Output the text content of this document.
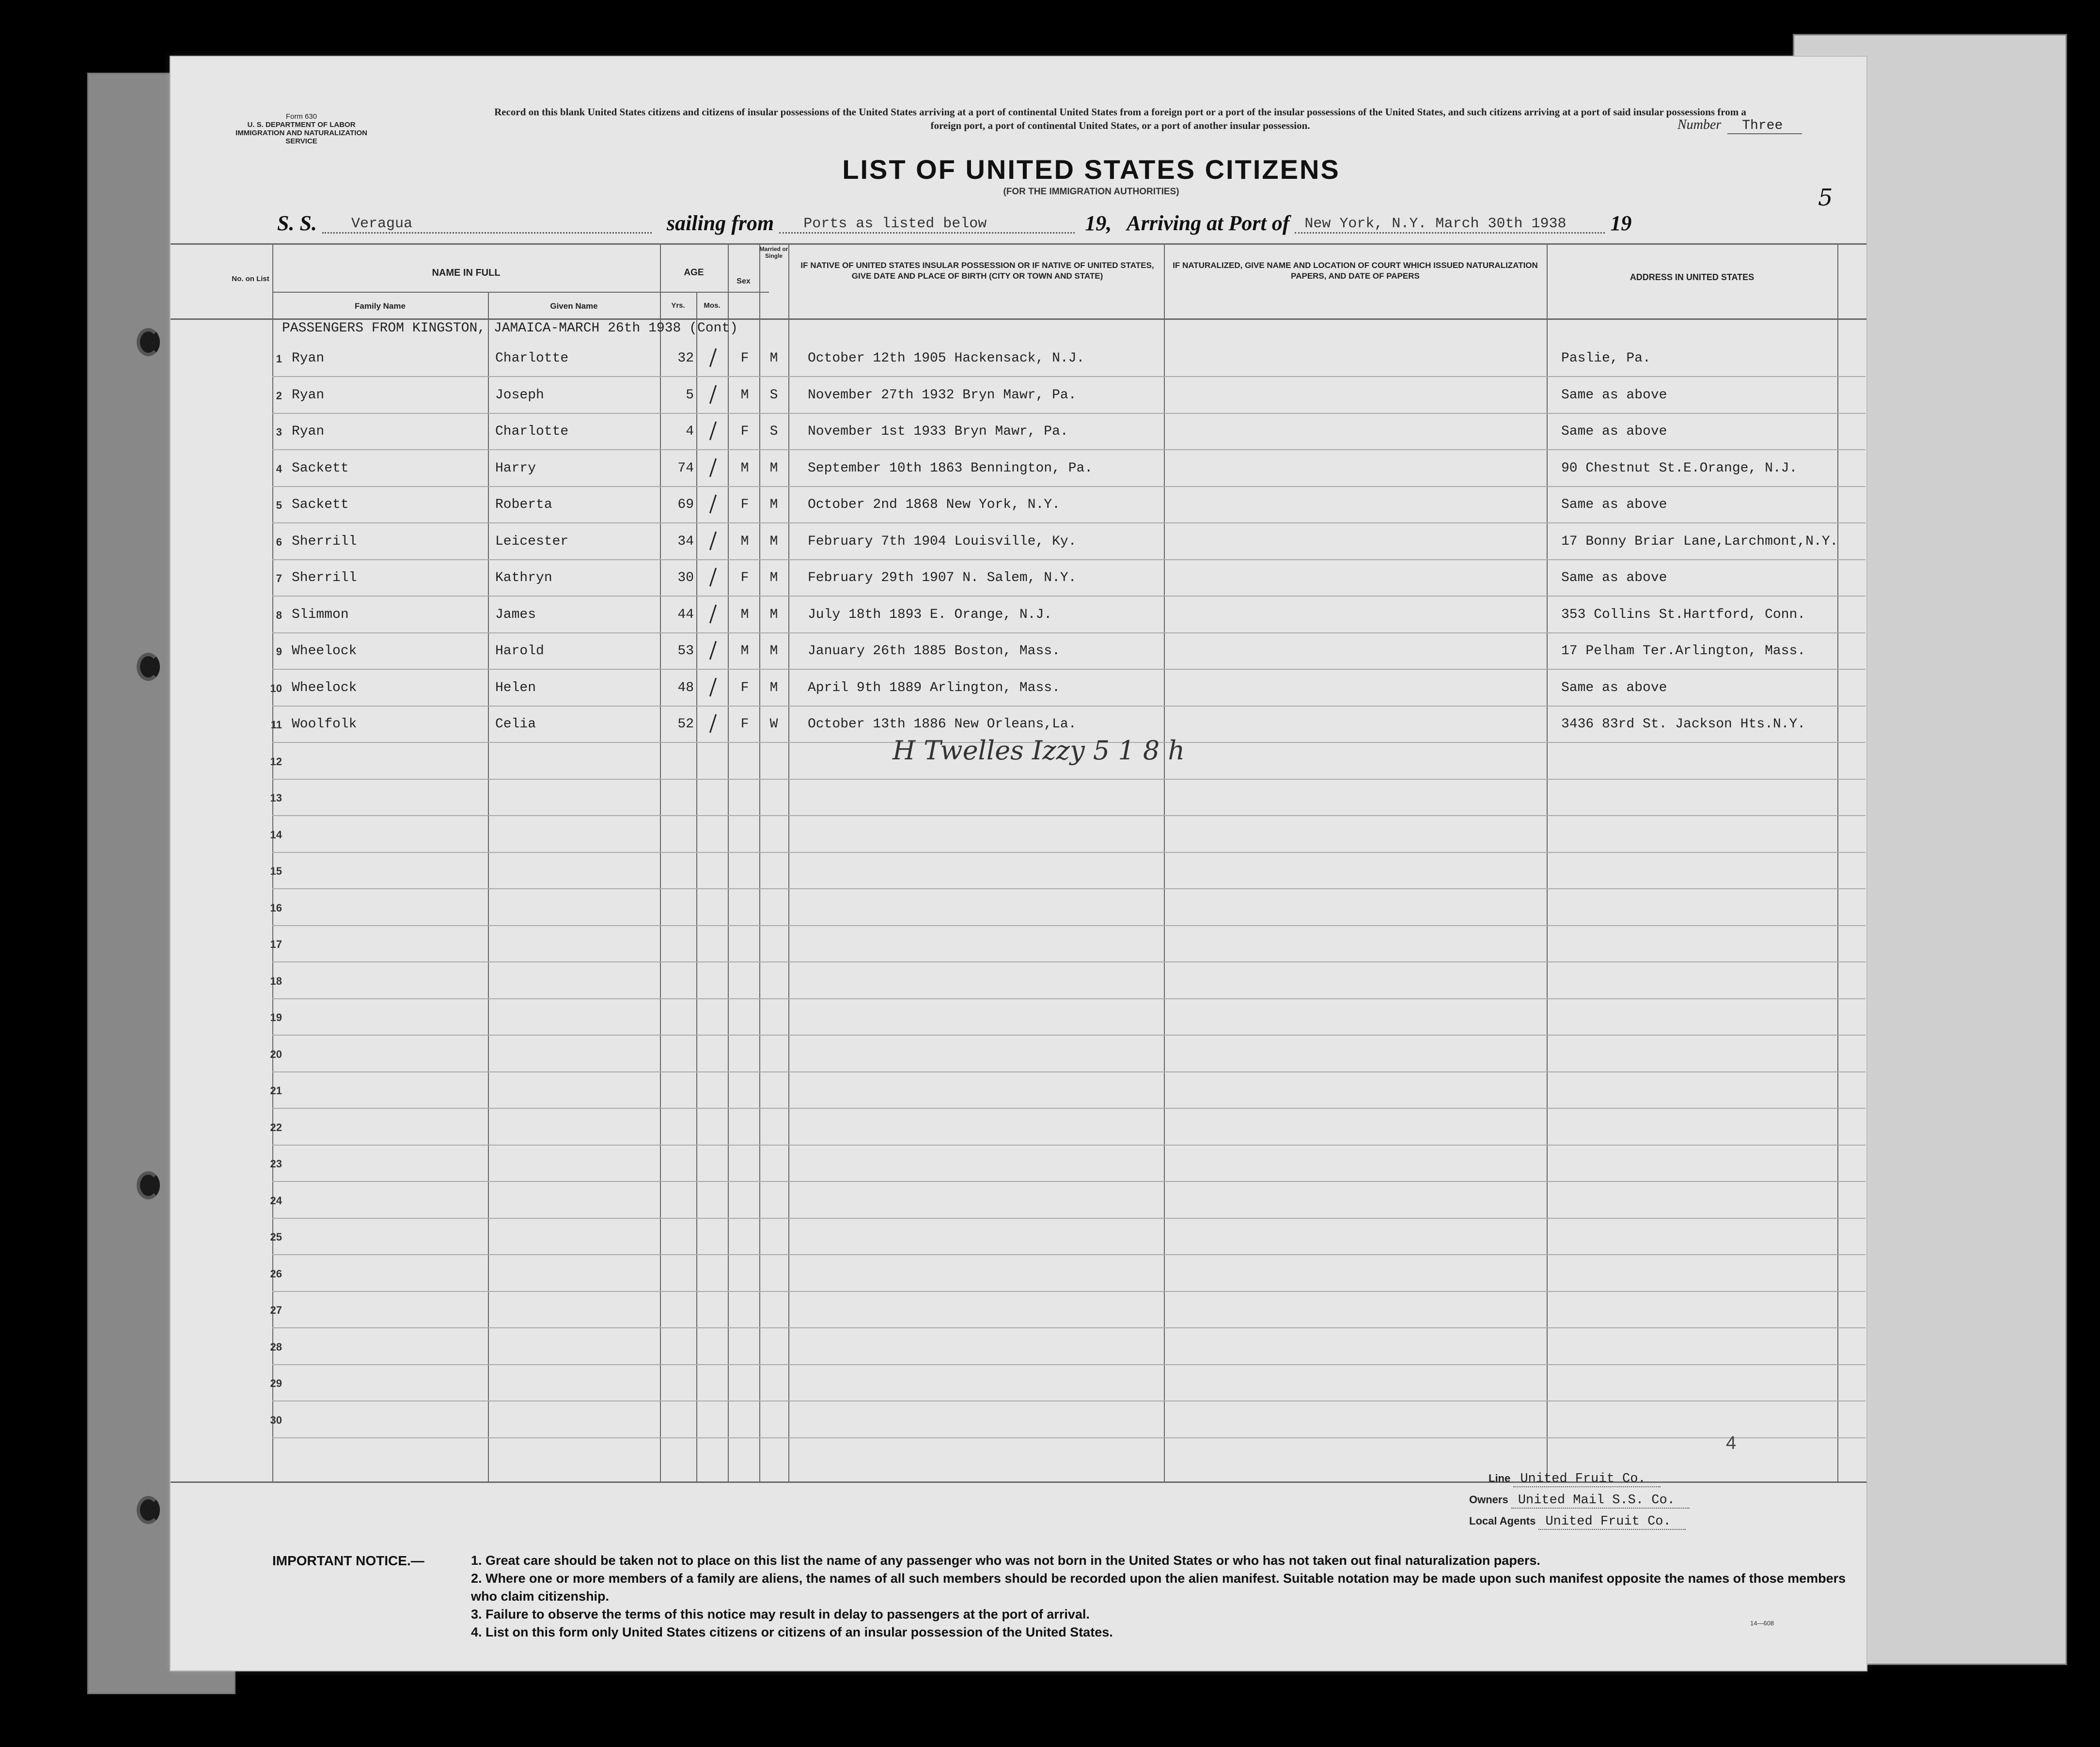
Form 630
U. S. DEPARTMENT OF LABOR
IMMIGRATION AND NATURALIZATION SERVICE
Record on this blank United States citizens and citizens of insular possessions of the United States arriving at a port of continental United States from a foreign port or a port of the insular possessions of the United States, and such citizens arriving at a port of said insular possessions from a foreign port, a port of continental United States, or a port of another insular possession.	Number Three
LIST OF UNITED STATES CITIZENS
(FOR THE IMMIGRATION AUTHORITIES)
S. S. Veragua	sailing from Ports as listed below	19, Arriving at Port of New York, N.Y. March 30th 1938 19
5
No. on List
NAME IN FULL
Family Name	Given Name
AGE
Yrs.	Mos.
Sex
Married or Single
IF NATIVE OF UNITED STATES INSULAR POSSESSION OR IF NATIVE OF UNITED STATES, GIVE DATE AND PLACE OF BIRTH (CITY OR TOWN AND STATE)
IF NATURALIZED, GIVE NAME AND LOCATION OF COURT WHICH ISSUED NATURALIZATION PAPERS, AND DATE OF PAPERS	ADDRESS IN UNITED STATES
PASSENGERS FROM KINGSTON, JAMAICA-MARCH 26th 1938 (Cont)
1 Ryan	Charlotte	32	F	M	October 12th 1905 Hackensack, N.J.	Paslie, Pa.
2 Ryan	Joseph	5	M	S	November 27th 1932 Bryn Mawr, Pa.	Same as above
3 Ryan	Charlotte	4	F	S	November 1st 1933 Bryn Mawr, Pa.	Same as above
4 Sackett	Harry	74	M	M	September 10th 1863 Bennington, Pa.	90 Chestnut St.E.Orange, N.J.
5 Sackett	Roberta	69	F	M	October 2nd 1868 New York, N.Y.	Same as above
6 Sherrill	Leicester	34	M	M	February 7th 1904 Louisville, Ky.	17 Bonny Briar Lane,Larchmont,N.Y.
7 Sherrill	Kathryn	30	F	M	February 29th 1907 N. Salem, N.Y.	Same as above
8 Slimmon	James	44	M	M	July 18th 1893 E. Orange, N.J.	353 Collins St.Hartford, Conn.
9 Wheelock	Harold	53	M	M	January 26th 1885 Boston, Mass.	17 Pelham Ter.Arlington, Mass.
10 Wheelock	Helen	48	F	M	April 9th 1889 Arlington, Mass.	Same as above
11 Woolfolk	Celia	52	F	W	October 13th 1886 New Orleans,La.	3436 83rd St. Jackson Hts.N.Y.
12
13
14
15
16
17
18
19
20
21
22
23
24
25
26
27
28
29
30
H Twelles Izzy 5 1 8 h
4
Line United Fruit Co.
Owners United Mail S.S. Co.
Local Agents United Fruit Co.
IMPORTANT NOTICE.—	1. Great care should be taken not to place on this list the name of any passenger who was not born in the United States or who has not taken out final naturalization papers.
2. Where one or more members of a family are aliens, the names of all such members should be recorded upon the alien manifest. Suitable notation may be made upon such manifest opposite the names of those members who claim citizenship.
3. Failure to observe the terms of this notice may result in delay to passengers at the port of arrival.
4. List on this form only United States citizens or citizens of an insular possession of the United States.
14—608
